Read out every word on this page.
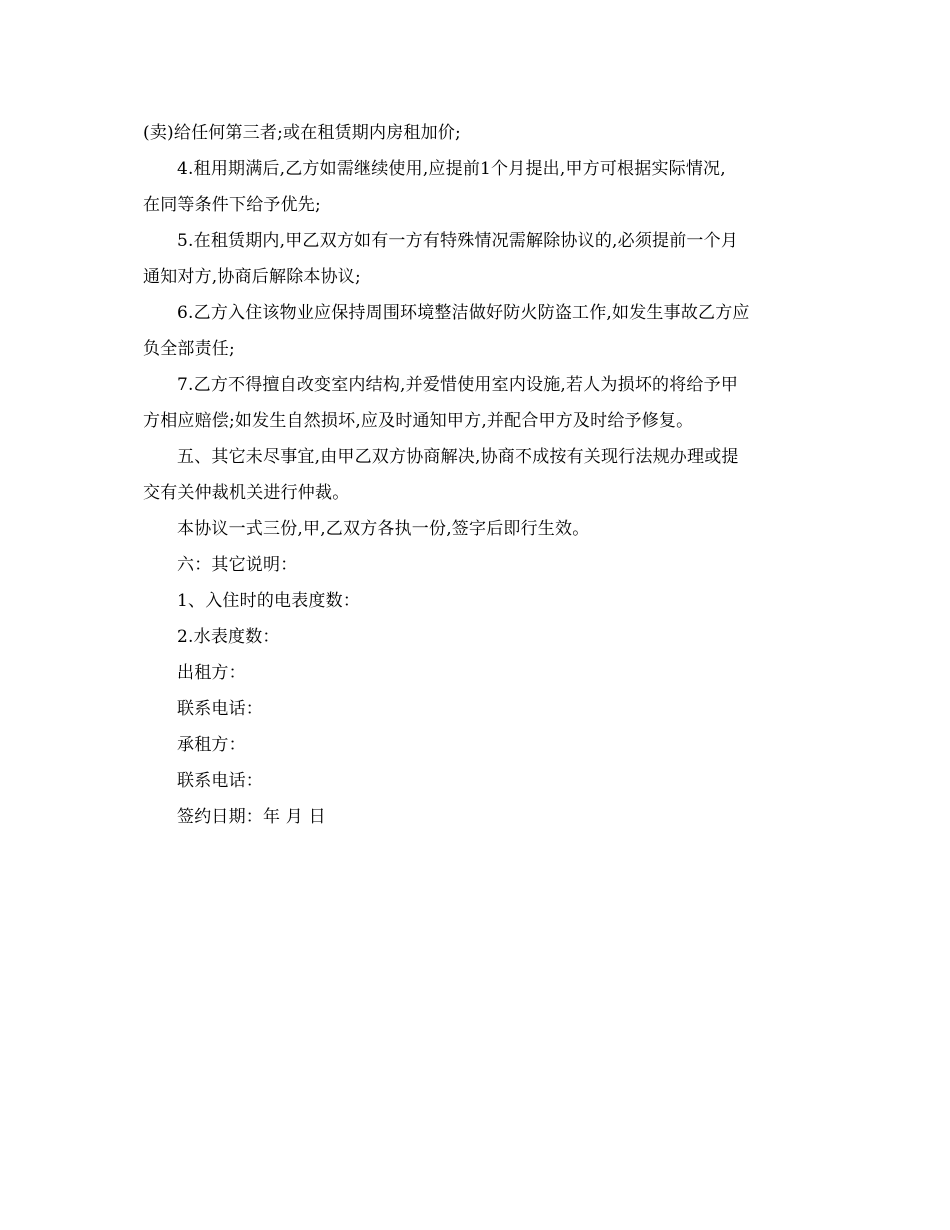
(卖)给任何第三者;或在租赁期内房租加价;
4.租用期满后,乙方如需继续使用,应提前1个月提出,甲方可根据实际情况,
在同等条件下给予优先;
5.在租赁期内,甲乙双方如有一方有特殊情况需解除协议的,必须提前一个月
通知对方,协商后解除本协议;
6.乙方入住该物业应保持周围环境整洁做好防火防盗工作,如发生事故乙方应
负全部责任;
7.乙方不得擅自改变室内结构,并爱惜使用室内设施,若人为损坏的将给予甲
方相应赔偿;如发生自然损坏,应及时通知甲方,并配合甲方及时给予修复。
五、其它未尽事宜,由甲乙双方协商解决,协商不成按有关现行法规办理或提
交有关仲裁机关进行仲裁。
本协议一式三份,甲,乙双方各执一份,签字后即行生效。
六：其它说明：
1、入住时的电表度数：
2.水表度数：
出租方：
联系电话：
承租方：
联系电话：
签约日期：年 月 日
